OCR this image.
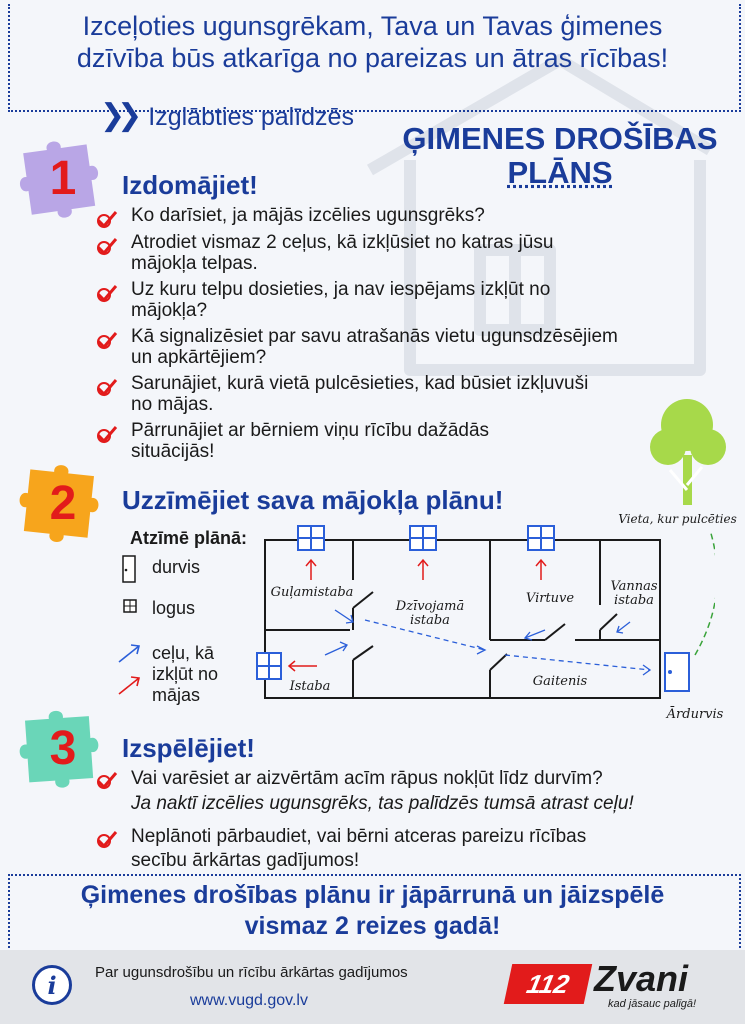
Izceļoties ugunsgrēkam, Tava un Tavas ģimenes
dzīvība būs atkarīga no pareizas un ātras rīcības!
❯❯ Izglābties palīdzēs
ĢIMENES DROŠĪBAS
PLĀNS
1	Izdomājiet!
Ko darīsiet, ja mājās izcēlies ugunsgrēks?
Atrodiet vismaz 2 ceļus, kā izkļūsiet no katras jūsu
mājokļa telpas.
Uz kuru telpu dosieties, ja nav iespējams izkļūt no
mājokļa?
Kā signalizēsiet par savu atrašanās vietu ugunsdzēsējiem
un apkārtējiem?
Sarunājiet, kurā vietā pulcēsieties, kad būsiet izkļuvuši
no mājas.
Pārrunājiet ar bērniem viņu rīcību dažādās
situācijās!
2	Uzzīmējiet sava mājokļa plānu!
Atzīmē plānā:
durvis
logus
ceļu, kā
izkļūt no
mājas
Guļamistaba
Dzīvojamā
istaba
Virtuve
Vannas
istaba
Istaba	Gaitenis
Vieta, kur pulcēties
Ārdurvis
3	Izspēlējiet!
Vai varēsiet ar aizvērtām acīm rāpus nokļūt līdz durvīm?
Ja naktī izcēlies ugunsgrēks, tas palīdzēs tumsā atrast ceļu!
Neplānoti pārbaudiet, vai bērni atceras pareizu rīcības
secību ārkārtas gadījumos!
Ģimenes drošības plānu ir jāpārrunā un jāizspēlē
vismaz 2 reizes gadā!
i	Par ugunsdrošību un rīcību ārkārtas gadījumos
www.vugd.gov.lv
112 Zvani
kad jāsauc palīgā!
